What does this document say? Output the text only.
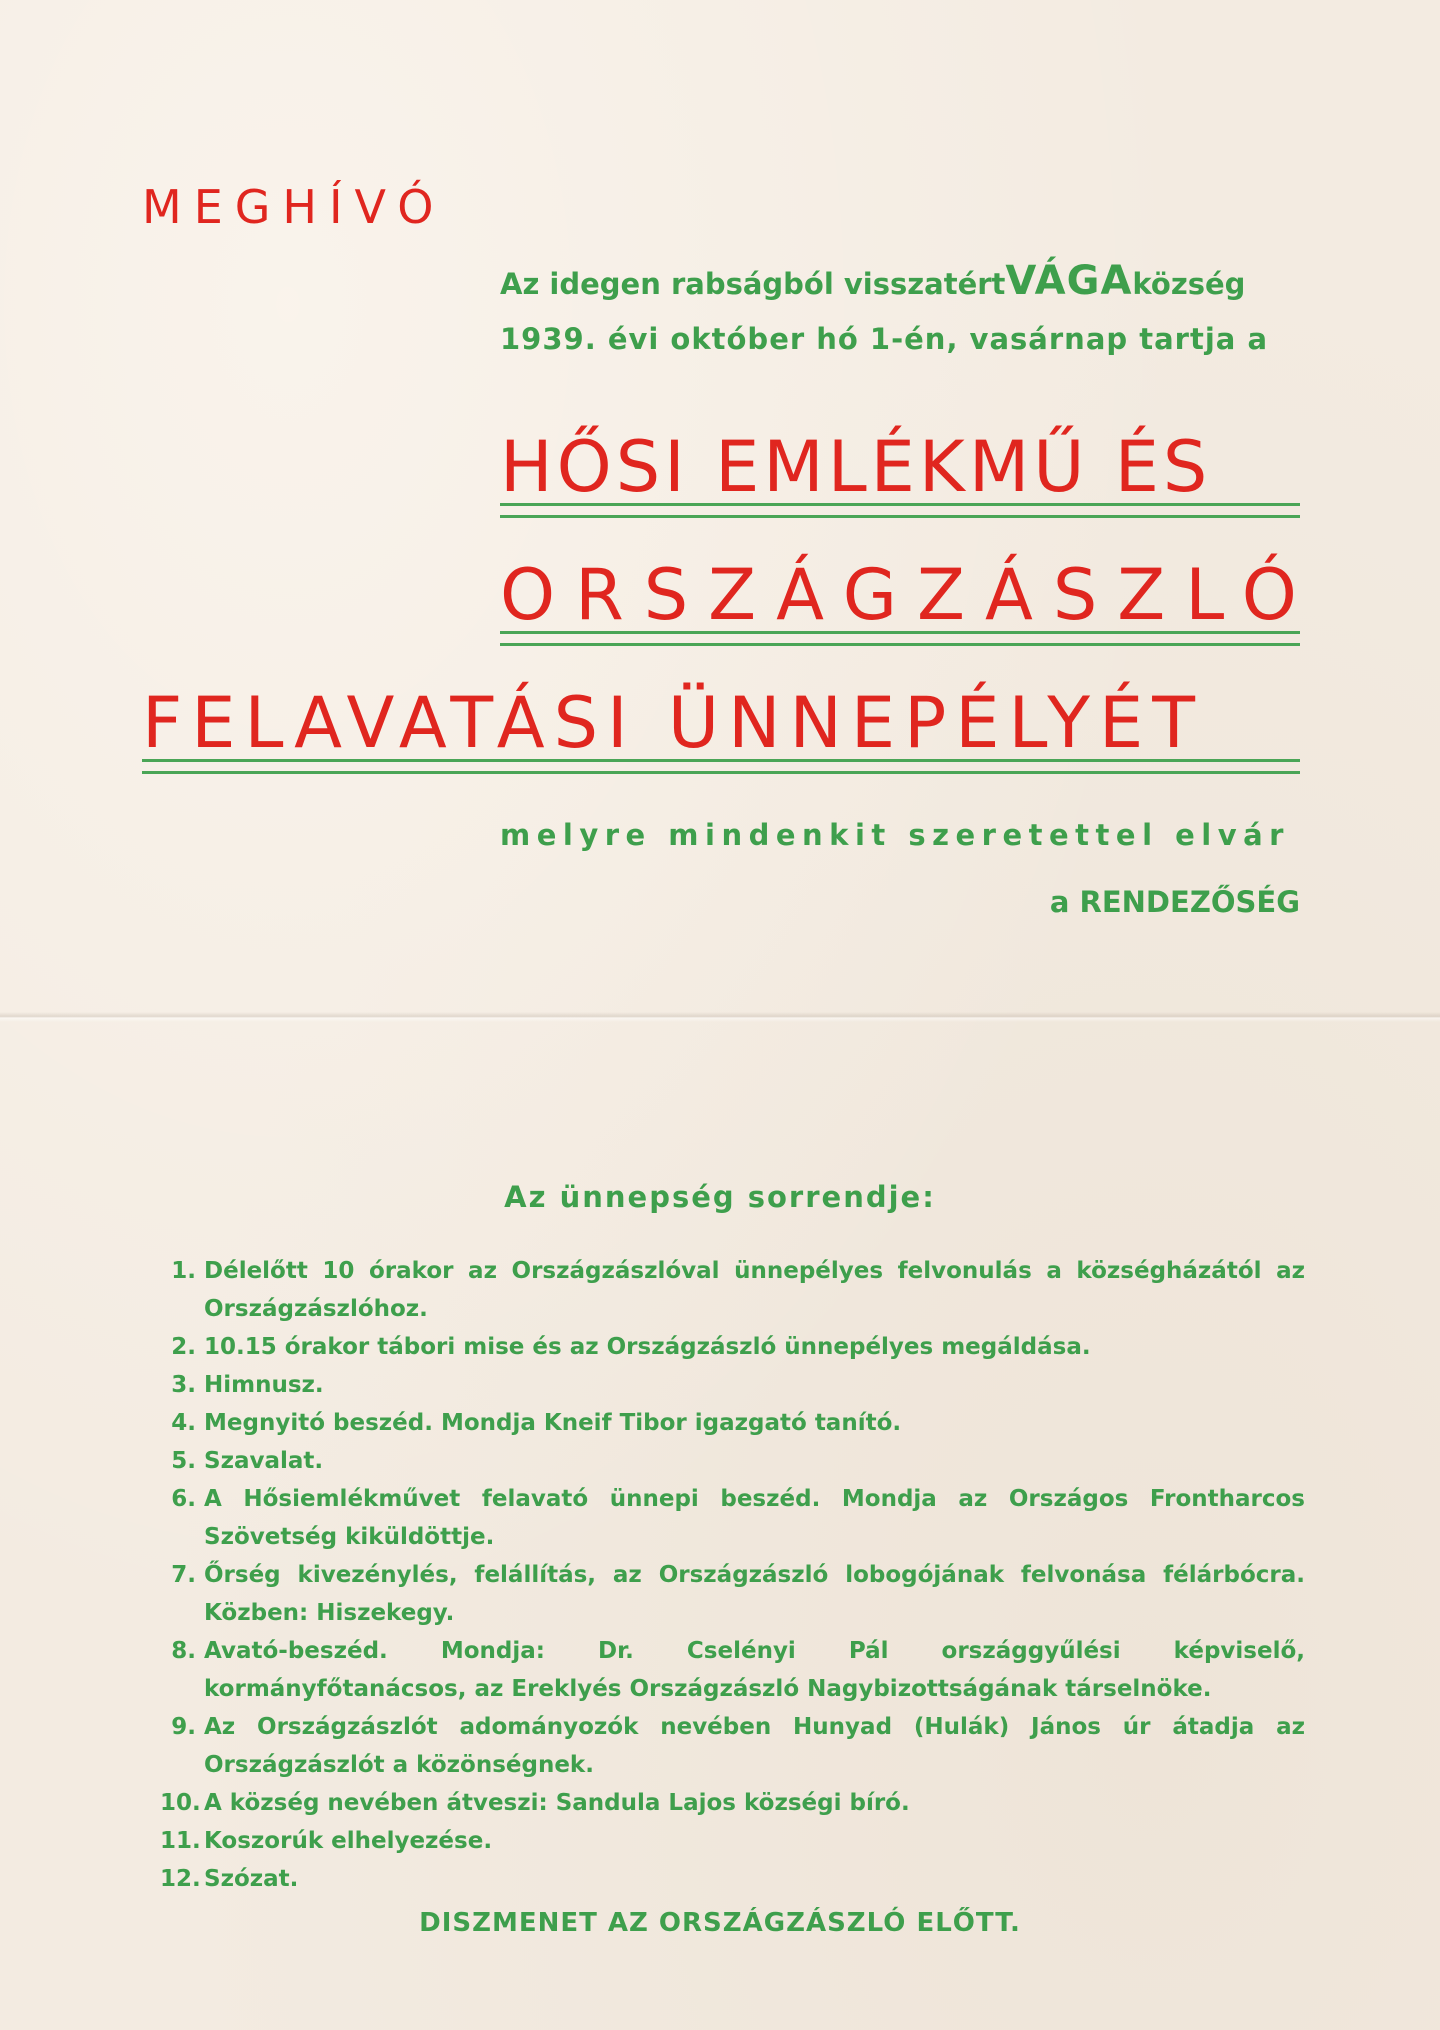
MEGHÍVÓ
Az idegen rabságból visszatértVÁGAközség
1939. évi október hó 1-én, vasárnap tartja a
HŐSI EMLÉKMŰ ÉS
ORSZÁGZÁSZLÓ
FELAVATÁSI ÜNNEPÉLYÉT
melyre mindenkit szeretettel elvár
a RENDEZŐSÉG
Az ünnepség sorrendje:
1. Délelőtt 10 órakor az Országzászlóval ünnepélyes felvonulás a községházától az Országzászlóhoz.
2. 10.15 órakor tábori mise és az Országzászló ünnepélyes megáldása.
3. Himnusz.
4. Megnyitó beszéd. Mondja Kneif Tibor igazgató tanító.
5. Szavalat.
6. A Hősiemlékművet felavató ünnepi beszéd. Mondja az Országos Frontharcos Szövetség kiküldöttje.
7. Őrség kivezénylés, felállítás, az Országzászló lobogójának felvonása félárbócra. Közben: Hiszekegy.
8. Avató-beszéd. Mondja: Dr. Cselényi Pál országgyűlési képviselő, kormányfőtanácsos, az Ereklyés Országzászló Nagybizottságának társelnöke.
9. Az Országzászlót adományozók nevében Hunyad (Hulák) János úr átadja az Országzászlót a közönségnek.
10. A község nevében átveszi: Sandula Lajos községi bíró.
11. Koszorúk elhelyezése.
12. Szózat.
DISZMENET AZ ORSZÁGZÁSZLÓ ELŐTT.
